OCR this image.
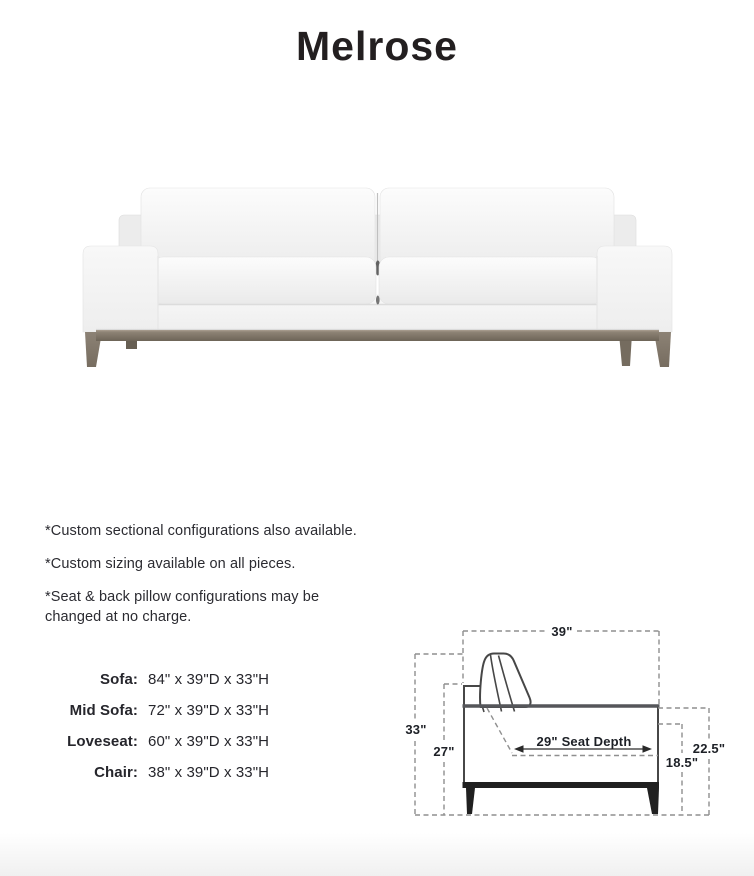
Melrose

*Custom sectional configurations also available.

*Custom sizing available on all pieces.

*Seat & back pillow configurations may be changed at no charge.

Sofa: 84" x 39"D x 33"H
Mid Sofa: 72" x 39"D x 33"H
Loveseat: 60" x 39"D x 33"H
Chair: 38" x 39"D x 33"H
39"
33"
27"
29" Seat Depth	22.5"
18.5"
